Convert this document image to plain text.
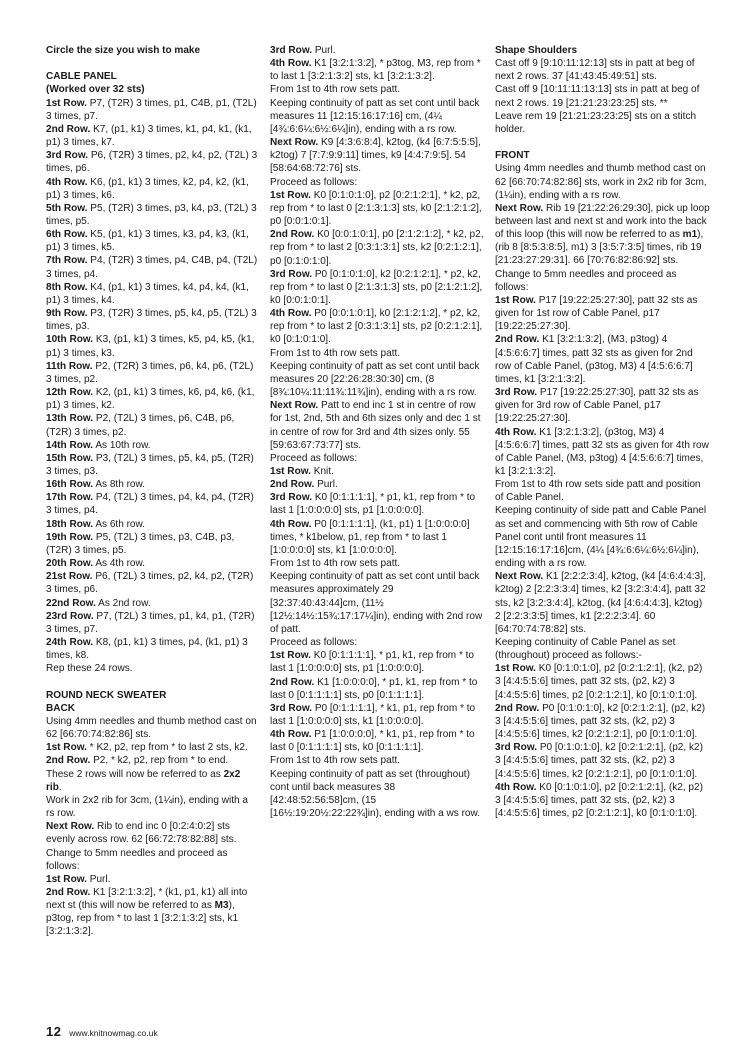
Circle the size you wish to make
CABLE PANEL
(Worked over 32 sts)

1st Row. P7, (T2R) 3 times, p1, C4B, p1, (T2L) 3 times, p7.

2nd Row. K7, (p1, k1) 3 times, k1, p4, k1, (k1, p1) 3 times, k7.

3rd Row. P6, (T2R) 3 times, p2, k4, p2, (T2L) 3 times, p6.

4th Row. K6, (p1, k1) 3 times, k2, p4, k2, (k1, p1) 3 times, k6.

5th Row. P5, (T2R) 3 times, p3, k4, p3, (T2L) 3 times, p5.

6th Row. K5, (p1, k1) 3 times, k3, p4, k3, (k1, p1) 3 times, k5.

7th Row. P4, (T2R) 3 times, p4, C4B, p4, (T2L) 3 times, p4.

8th Row. K4, (p1, k1) 3 times, k4, p4, k4, (k1, p1) 3 times, k4.

9th Row. P3, (T2R) 3 times, p5, k4, p5, (T2L) 3 times, p3.

10th Row. K3, (p1, k1) 3 times, k5, p4, k5, (k1, p1) 3 times, k3.

11th Row. P2, (T2R) 3 times, p6, k4, p6, (T2L) 3 times, p2.

12th Row. K2, (p1, k1) 3 times, k6, p4, k6, (k1, p1) 3 times, k2.

13th Row. P2, (T2L) 3 times, p6, C4B, p6, (T2R) 3 times, p2.

14th Row. As 10th row.

15th Row. P3, (T2L) 3 times, p5, k4, p5, (T2R) 3 times, p3.

16th Row. As 8th row.

17th Row. P4, (T2L) 3 times, p4, k4, p4, (T2R) 3 times, p4.

18th Row. As 6th row.

19th Row. P5, (T2L) 3 times, p3, C4B, p3, (T2R) 3 times, p5.

20th Row. As 4th row.

21st Row. P6, (T2L) 3 times, p2, k4, p2, (T2R) 3 times, p6.

22nd Row. As 2nd row.

23rd Row. P7, (T2L) 3 times, p1, k4, p1, (T2R) 3 times, p7.

24th Row. K8, (p1, k1) 3 times, p4, (k1, p1) 3 times, k8.

Rep these 24 rows.

ROUND NECK SWEATER
BACK

Using 4mm needles and thumb method cast on 62 [66:70:74:82:86] sts.

1st Row. * K2, p2, rep from * to last 2 sts, k2.

2nd Row. P2, * k2, p2, rep from * to end.

These 2 rows will now be referred to as 2x2 rib.

Work in 2x2 rib for 3cm, (1¼in), ending with a rs row.

Next Row. Rib to end inc 0 [0:2:4:0:2] sts evenly across row. 62 [66:72:78:82:88] sts.

Change to 5mm needles and proceed as follows:

1st Row. Purl.

2nd Row. K1 [3:2:1:3:2], * (k1, p1, k1) all into next st (this will now be referred to as M3), p3tog, rep from * to last 1 [3:2:1:3:2] sts, k1 [3:2:1:3:2].

3rd Row. Purl.

4th Row. K1 [3:2:1:3:2], * p3tog, M3, rep from * to last 1 [3:2:1:3:2] sts, k1 [3:2:1:3:2].

From 1st to 4th row sets patt.

Keeping continuity of patt as set cont until back measures 11 [12:15:16:17:16] cm, (4¼ [4¾:6:6¼:6½:6¼]in), ending with a rs row.

Next Row. K9 [4:3:6:8:4], k2tog, (k4 [6:7:5:5:5], k2tog) 7 [7:7:9:9:11] times, k9 [4:4:7:9:5]. 54 [58:64:68:72:76] sts.

Proceed as follows:

1st Row. K0 [0:1:0:1:0], p2 [0:2:1:2:1], * k2, p2, rep from * to last 0 [2:1:3:1:3] sts, k0 [2:1:2:1:2], p0 [0:0:1:0:1].

2nd Row. K0 [0:0:1:0:1], p0 [2:1:2:1:2], * k2, p2, rep from * to last 2 [0:3:1:3:1] sts, k2 [0:2:1:2:1], p0 [0:1:0:1:0].

3rd Row. P0 [0:1:0:1:0], k2 [0:2:1:2:1], * p2, k2, rep from * to last 0 [2:1:3:1:3] sts, p0 [2:1:2:1:2], k0 [0:0:1:0:1].

4th Row. P0 [0:0:1:0:1], k0 [2:1:2:1:2], * p2, k2, rep from * to last 2 [0:3:1:3:1] sts, p2 [0:2:1:2:1], k0 [0:1:0:1:0].

From 1st to 4th row sets patt.

Keeping continuity of patt as set cont until back measures 20 [22:26:28:30:30] cm, (8 [8¾:10¼:11:11¾:11¾]in), ending with a rs row.

Next Row. Patt to end inc 1 st in centre of row for 1st, 2nd, 5th and 6th sizes only and dec 1 st in centre of row for 3rd and 4th sizes only. 55 [59:63:67:73:77] sts.

Proceed as follows:

1st Row. Knit.

2nd Row. Purl.

3rd Row. K0 [0:1:1:1:1], * p1, k1, rep from * to last 1 [1:0:0:0:0] sts, p1 [1:0:0:0:0].

4th Row. P0 [0:1:1:1:1], (k1, p1) 1 [1:0:0:0:0] times, * k1below, p1, rep from * to last 1 [1:0:0:0:0] sts, k1 [1:0:0:0:0].

From 1st to 4th row sets patt.

Keeping continuity of patt as set cont until back measures approximately 29 [32:37:40:43:44]cm, (11½ [12½:14½:15¾:17:17¼]in), ending with 2nd row of patt.

Proceed as follows:

1st Row. K0 [0:1:1:1:1], * p1, k1, rep from * to last 1 [1:0:0:0:0] sts, p1 [1:0:0:0:0].

2nd Row. K1 [1:0:0:0:0], * p1, k1, rep from * to last 0 [0:1:1:1:1] sts, p0 [0:1:1:1:1].

3rd Row. P0 [0:1:1:1:1], * k1, p1, rep from * to last 1 [1:0:0:0:0] sts, k1 [1:0:0:0:0].

4th Row. P1 [1:0:0:0:0], * k1, p1, rep from * to last 0 [0:1:1:1:1] sts, k0 [0:1:1:1:1].

From 1st to 4th row sets patt.

Keeping continuity of patt as set (throughout) cont until back measures 38 [42:48:52:56:58]cm, (15 [16½:19:20½:22:22¾]in), ending with a ws row.

Shape Shoulders

Cast off 9 [9:10:11:12:13] sts in patt at beg of next 2 rows. 37 [41:43:45:49:51] sts.

Cast off 9 [10:11:11:13:13] sts in patt at beg of next 2 rows. 19 [21:21:23:23:25] sts. **

Leave rem 19 [21:21:23:23:25] sts on a stitch holder.

FRONT

Using 4mm needles and thumb method cast on 62 [66:70:74:82:86] sts, work in 2x2 rib for 3cm, (1¼in), ending with a rs row.

Next Row. Rib 19 [21:22:26:29:30], pick up loop between last and next st and work into the back of this loop (this will now be referred to as m1), (rib 8 [8:5:3:8:5], m1) 3 [3:5:7:3:5] times, rib 19 [21:23:27:29:31]. 66 [70:76:82:86:92] sts.

Change to 5mm needles and proceed as follows:

1st Row. P17 [19:22:25:27:30], patt 32 sts as given for 1st row of Cable Panel, p17 [19:22:25:27:30].

2nd Row. K1 [3:2:1:3:2], (M3, p3tog) 4 [4:5:6:6:7] times, patt 32 sts as given for 2nd row of Cable Panel, (p3tog, M3) 4 [4:5:6:6:7] times, k1 [3:2:1:3:2].

3rd Row. P17 [19:22:25:27:30], patt 32 sts as given for 3rd row of Cable Panel, p17 [19:22:25:27:30].

4th Row. K1 [3:2:1:3:2], (p3tog, M3) 4 [4:5:6:6:7] times, patt 32 sts as given for 4th row of Cable Panel, (M3, p3tog) 4 [4:5:6:6:7] times, k1 [3:2:1:3:2].

From 1st to 4th row sets side patt and position of Cable Panel.

Keeping continuity of side patt and Cable Panel as set and commencing with 5th row of Cable Panel cont until front measures 11 [12:15:16:17:16]cm, (4¼ [4¾:6:6¼:6½:6¼]in), ending with a rs row.

Next Row. K1 [2:2:2:3:4], k2tog, (k4 [4:6:4:4:3], k2tog) 2 [2:2:3:3:4] times, k2 [3:2:3:4:4], patt 32 sts, k2 [3:2:3:4:4], k2tog, (k4 [4:6:4:4:3], k2tog) 2 [2:2:3:3:5] times, k1 [2:2:2:3:4]. 60 [64:70:74:78:82] sts.

Keeping continuity of Cable Panel as set (throughout) proceed as follows:-

1st Row. K0 [0:1:0:1:0], p2 [0:2:1:2:1], (k2, p2) 3 [4:4:5:5:6] times, patt 32 sts, (p2, k2) 3 [4:4:5:5:6] times, p2 [0:2:1:2:1], k0 [0:1:0:1:0].

2nd Row. P0 [0:1:0:1:0], k2 [0:2:1:2:1], (p2, k2) 3 [4:4:5:5:6] times, patt 32 sts, (k2, p2) 3 [4:4:5:5:6] times, k2 [0:2:1:2:1], p0 [0:1:0:1:0].

3rd Row. P0 [0:1:0:1:0], k2 [0:2:1:2:1], (p2, k2) 3 [4:4:5:5:6] times, patt 32 sts, (k2, p2) 3 [4:4:5:5:6] times, k2 [0:2:1:2:1], p0 [0:1:0:1:0].

4th Row. K0 [0:1:0:1:0], p2 [0:2:1:2:1], (k2, p2) 3 [4:4:5:5:6] times, patt 32 sts, (p2, k2) 3 [4:4:5:5:6] times, p2 [0:2:1:2:1], k0 [0:1:0:1:0].

12 www.knitnowmag.co.uk
